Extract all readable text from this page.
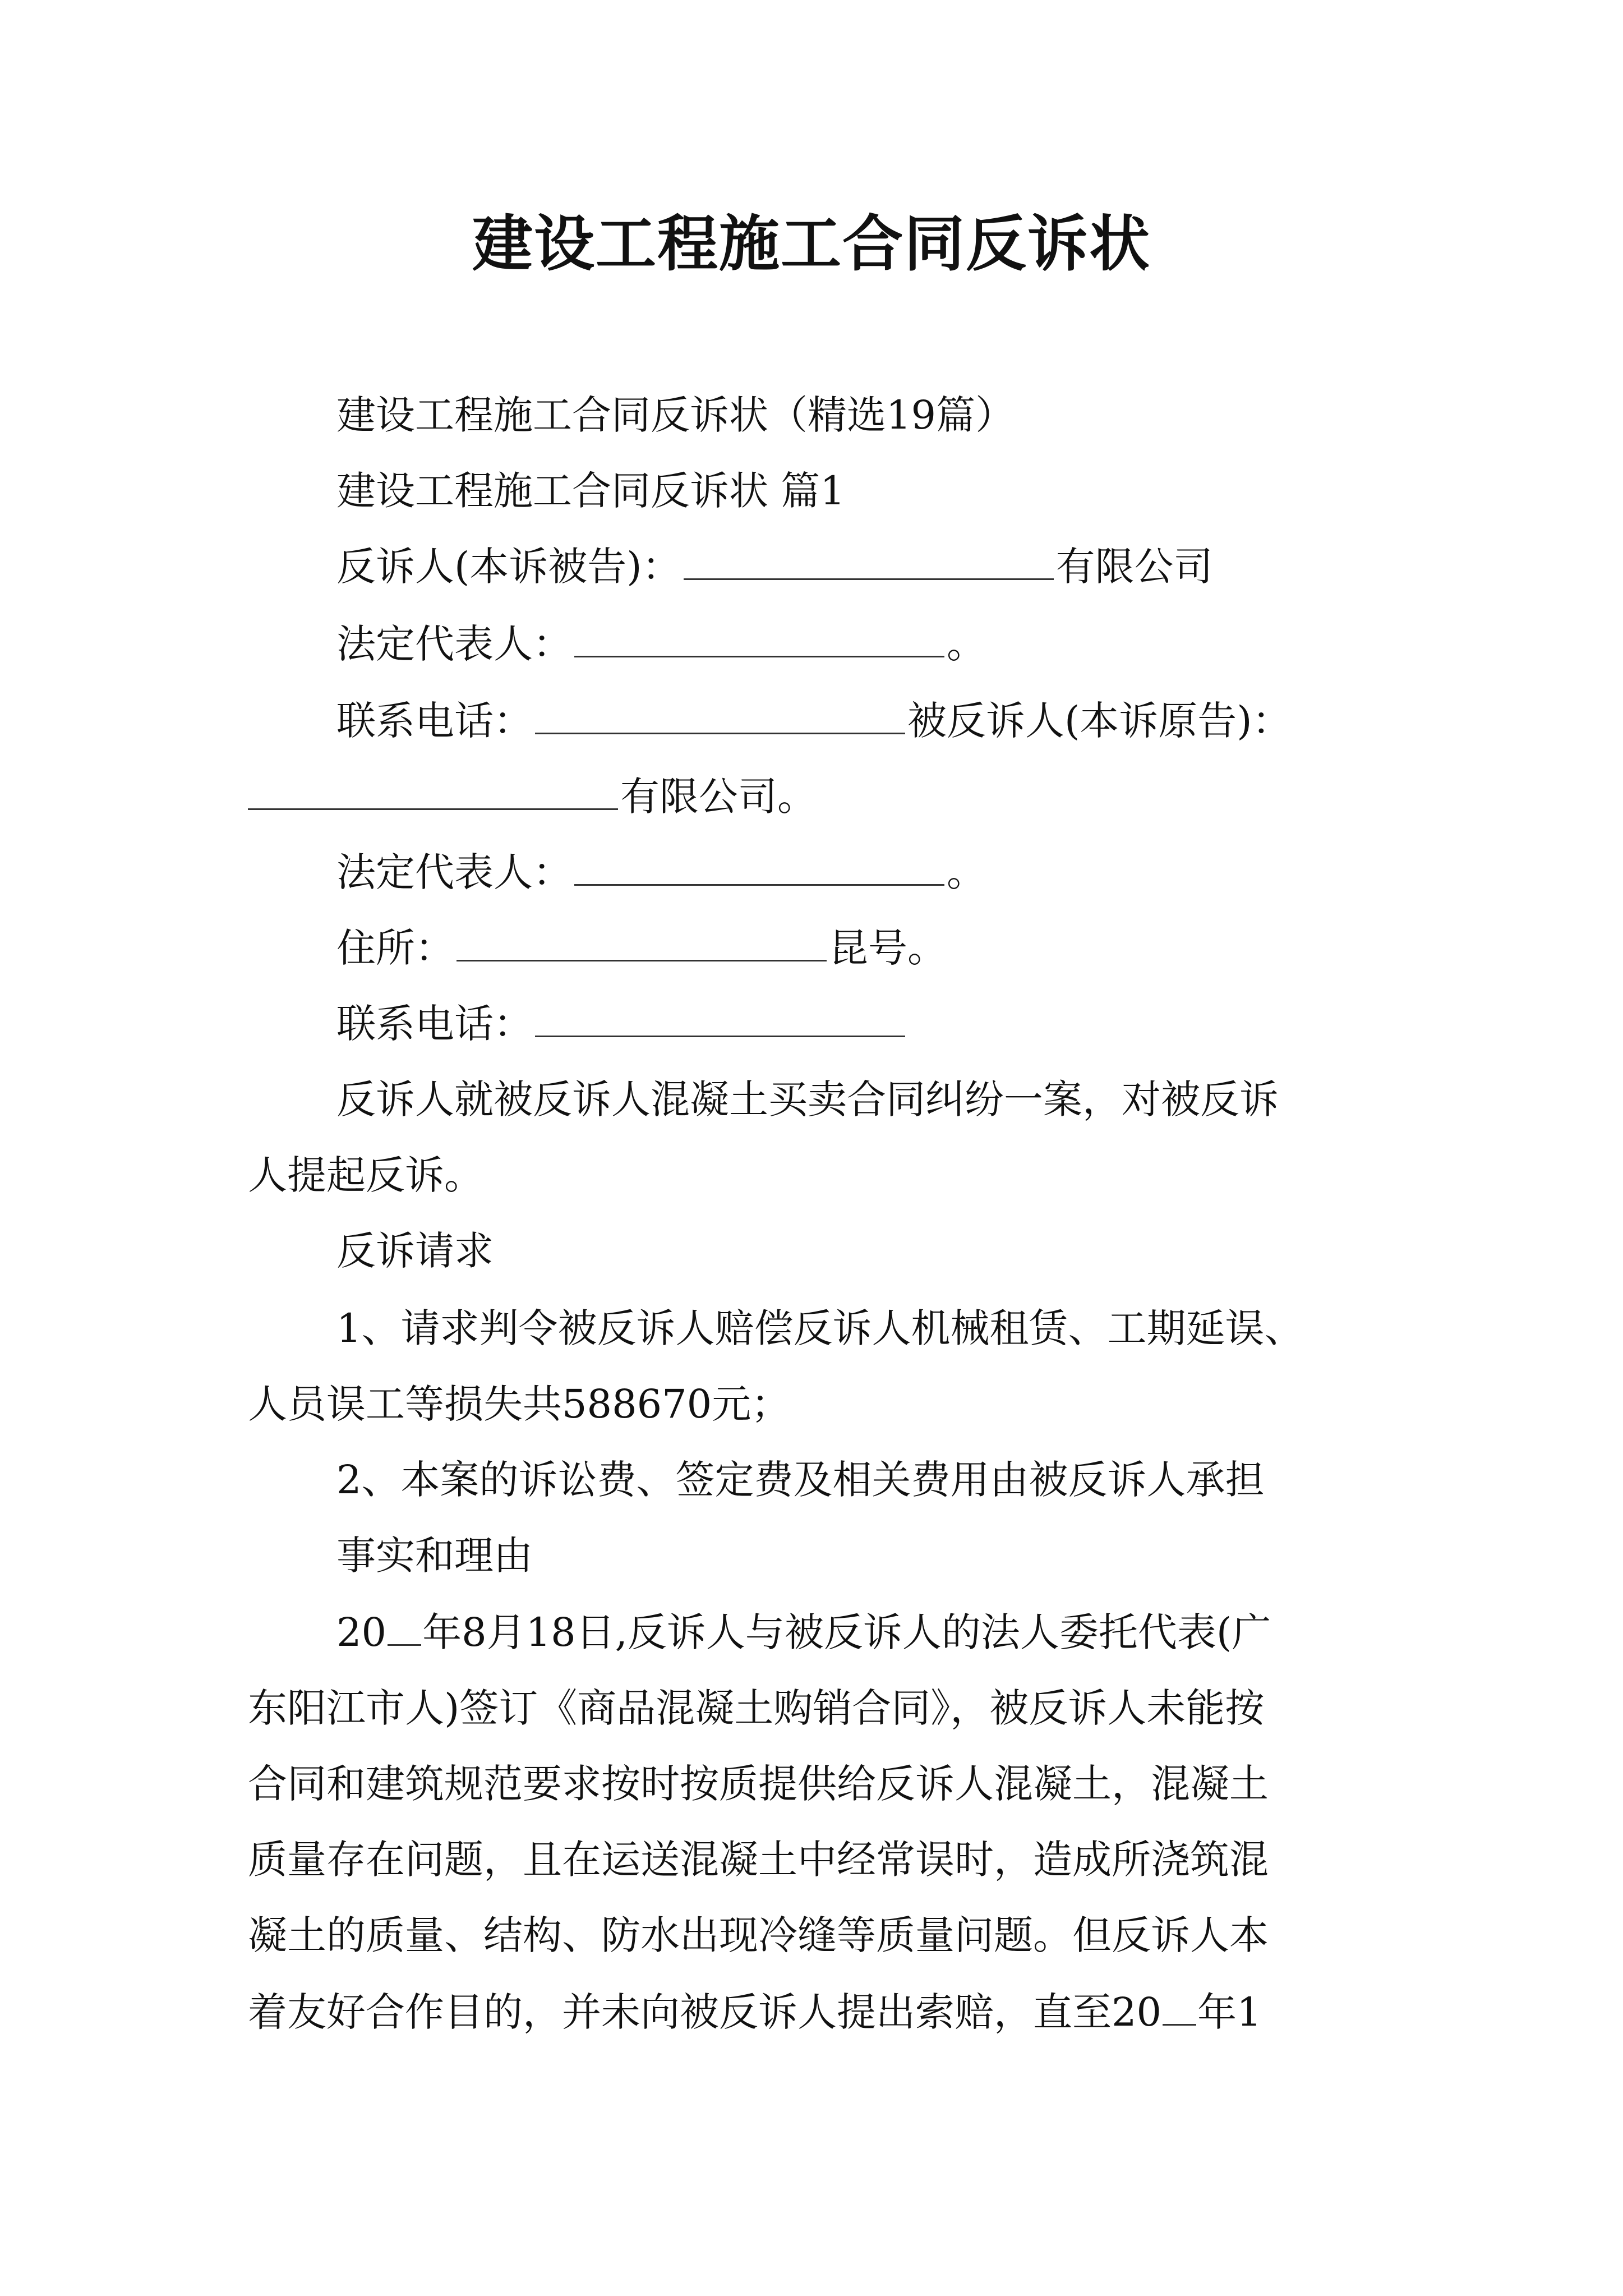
建设工程施工合同反诉状
建设工程施工合同反诉状（精选19篇）
建设工程施工合同反诉状 篇1
反诉人(本诉被告)：	有限公司
法定代表人：	。
联系电话：	被反诉人(本诉原告)：
有限公司。
法定代表人：	。
住所：	昆号。
联系电话：
反诉人就被反诉人混凝土买卖合同纠纷一案，对被反诉
人提起反诉。
反诉请求
1、请求判令被反诉人赔偿反诉人机械租赁、工期延误、
人员误工等损失共588670元；
2、本案的诉讼费、签定费及相关费用由被反诉人承担
事实和理由
20 年8月18日,反诉人与被反诉人的法人委托代表(广
东阳江市人)签订《商品混凝土购销合同》，被反诉人未能按
合同和建筑规范要求按时按质提供给反诉人混凝土，混凝土
质量存在问题，且在运送混凝土中经常误时，造成所浇筑混
凝土的质量、结构、防水出现冷缝等质量问题。但反诉人本
着友好合作目的，并未向被反诉人提出索赔，直至20 年1
